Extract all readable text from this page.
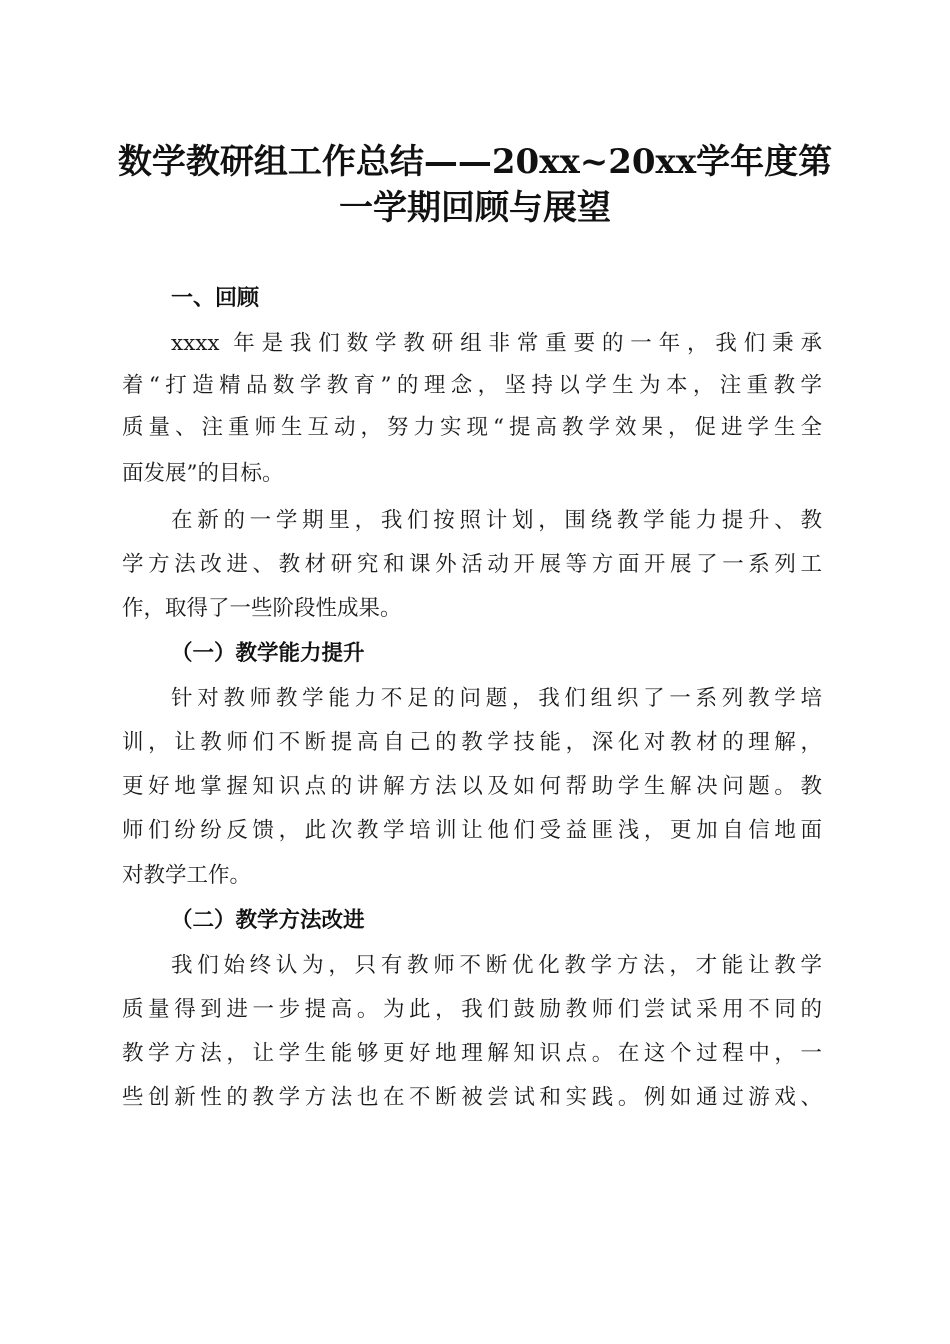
数学教研组工作总结——20xx~20xx学年度第
一学期回顾与展望
一、回顾

xxxx 年是我们数学教研组非常重要的一年，我们秉承

着“打造精品数学教育”的理念，坚持以学生为本，注重教学

质量、注重师生互动，努力实现“提高教学效果，促进学生全

面发展”的目标。

在新的一学期里，我们按照计划，围绕教学能力提升、教

学方法改进、教材研究和课外活动开展等方面开展了一系列工

作，取得了一些阶段性成果。

（一）教学能力提升

针对教师教学能力不足的问题，我们组织了一系列教学培

训，让教师们不断提高自己的教学技能，深化对教材的理解，

更好地掌握知识点的讲解方法以及如何帮助学生解决问题。教

师们纷纷反馈，此次教学培训让他们受益匪浅，更加自信地面

对教学工作。

（二）教学方法改进

我们始终认为，只有教师不断优化教学方法，才能让教学

质量得到进一步提高。为此，我们鼓励教师们尝试采用不同的

教学方法，让学生能够更好地理解知识点。在这个过程中，一

些创新性的教学方法也在不断被尝试和实践。例如通过游戏、
